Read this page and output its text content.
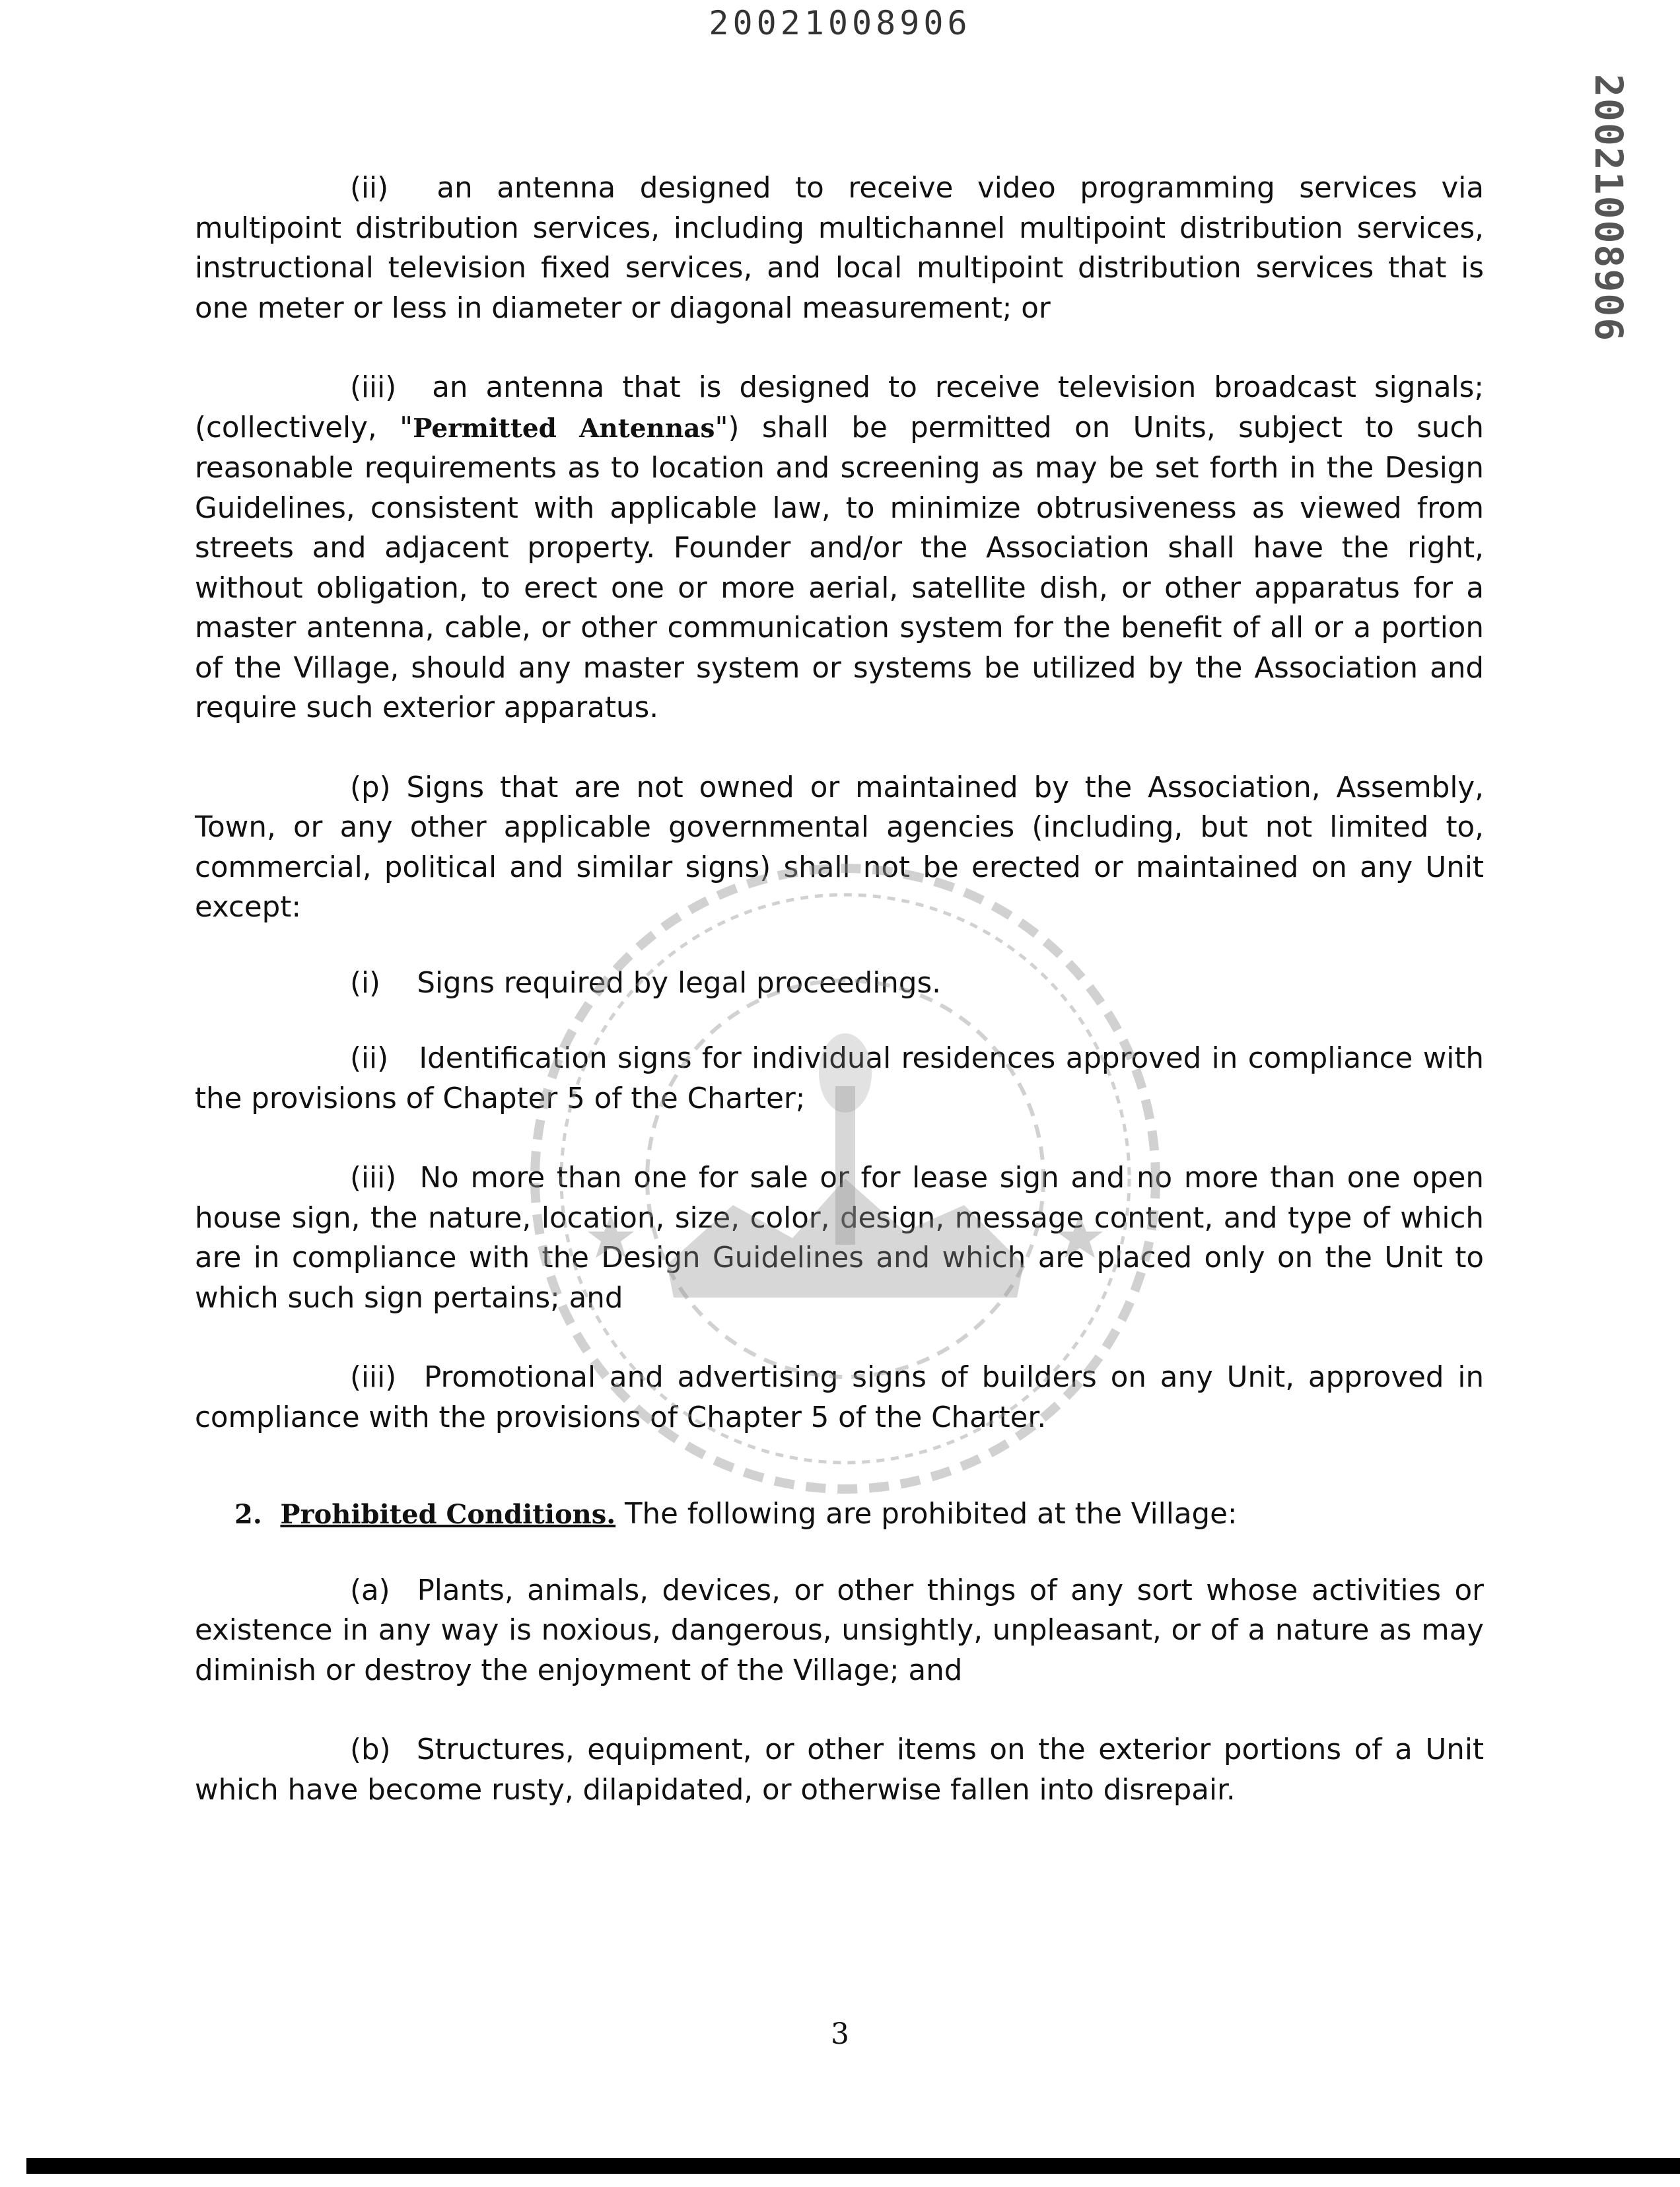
20021008906
20021008906

(ii) an antenna designed to receive video programming services via multipoint distribution services, including multichannel multipoint distribution services, instructional television fixed services, and local multipoint distribution services that is one meter or less in diameter or diagonal measurement; or

(iii) an antenna that is designed to receive television broadcast signals; (collectively, "Permitted Antennas") shall be permitted on Units, subject to such reasonable requirements as to location and screening as may be set forth in the Design Guidelines, consistent with applicable law, to minimize obtrusiveness as viewed from streets and adjacent property. Founder and/or the Association shall have the right, without obligation, to erect one or more aerial, satellite dish, or other apparatus for a master antenna, cable, or other communication system for the benefit of all or a portion of the Village, should any master system or systems be utilized by the Association and require such exterior apparatus.

(p) Signs that are not owned or maintained by the Association, Assembly, Town, or any other applicable governmental agencies (including, but not limited to, commercial, political and similar signs) shall not be erected or maintained on any Unit except:

(i) Signs required by legal proceedings.

(ii) Identification signs for individual residences approved in compliance with the provisions of Chapter 5 of the Charter;

(iii) No more than one for sale or for lease sign and no more than one open house sign, the nature, location, size, color, design, message content, and type of which are in compliance with the Design Guidelines and which are placed only on the Unit to which such sign pertains; and

(iii) Promotional and advertising signs of builders on any Unit, approved in compliance with the provisions of Chapter 5 of the Charter.

2. Prohibited Conditions. The following are prohibited at the Village:

(a) Plants, animals, devices, or other things of any sort whose activities or existence in any way is noxious, dangerous, unsightly, unpleasant, or of a nature as may diminish or destroy the enjoyment of the Village; and

(b) Structures, equipment, or other items on the exterior portions of a Unit which have become rusty, dilapidated, or otherwise fallen into disrepair.

3
